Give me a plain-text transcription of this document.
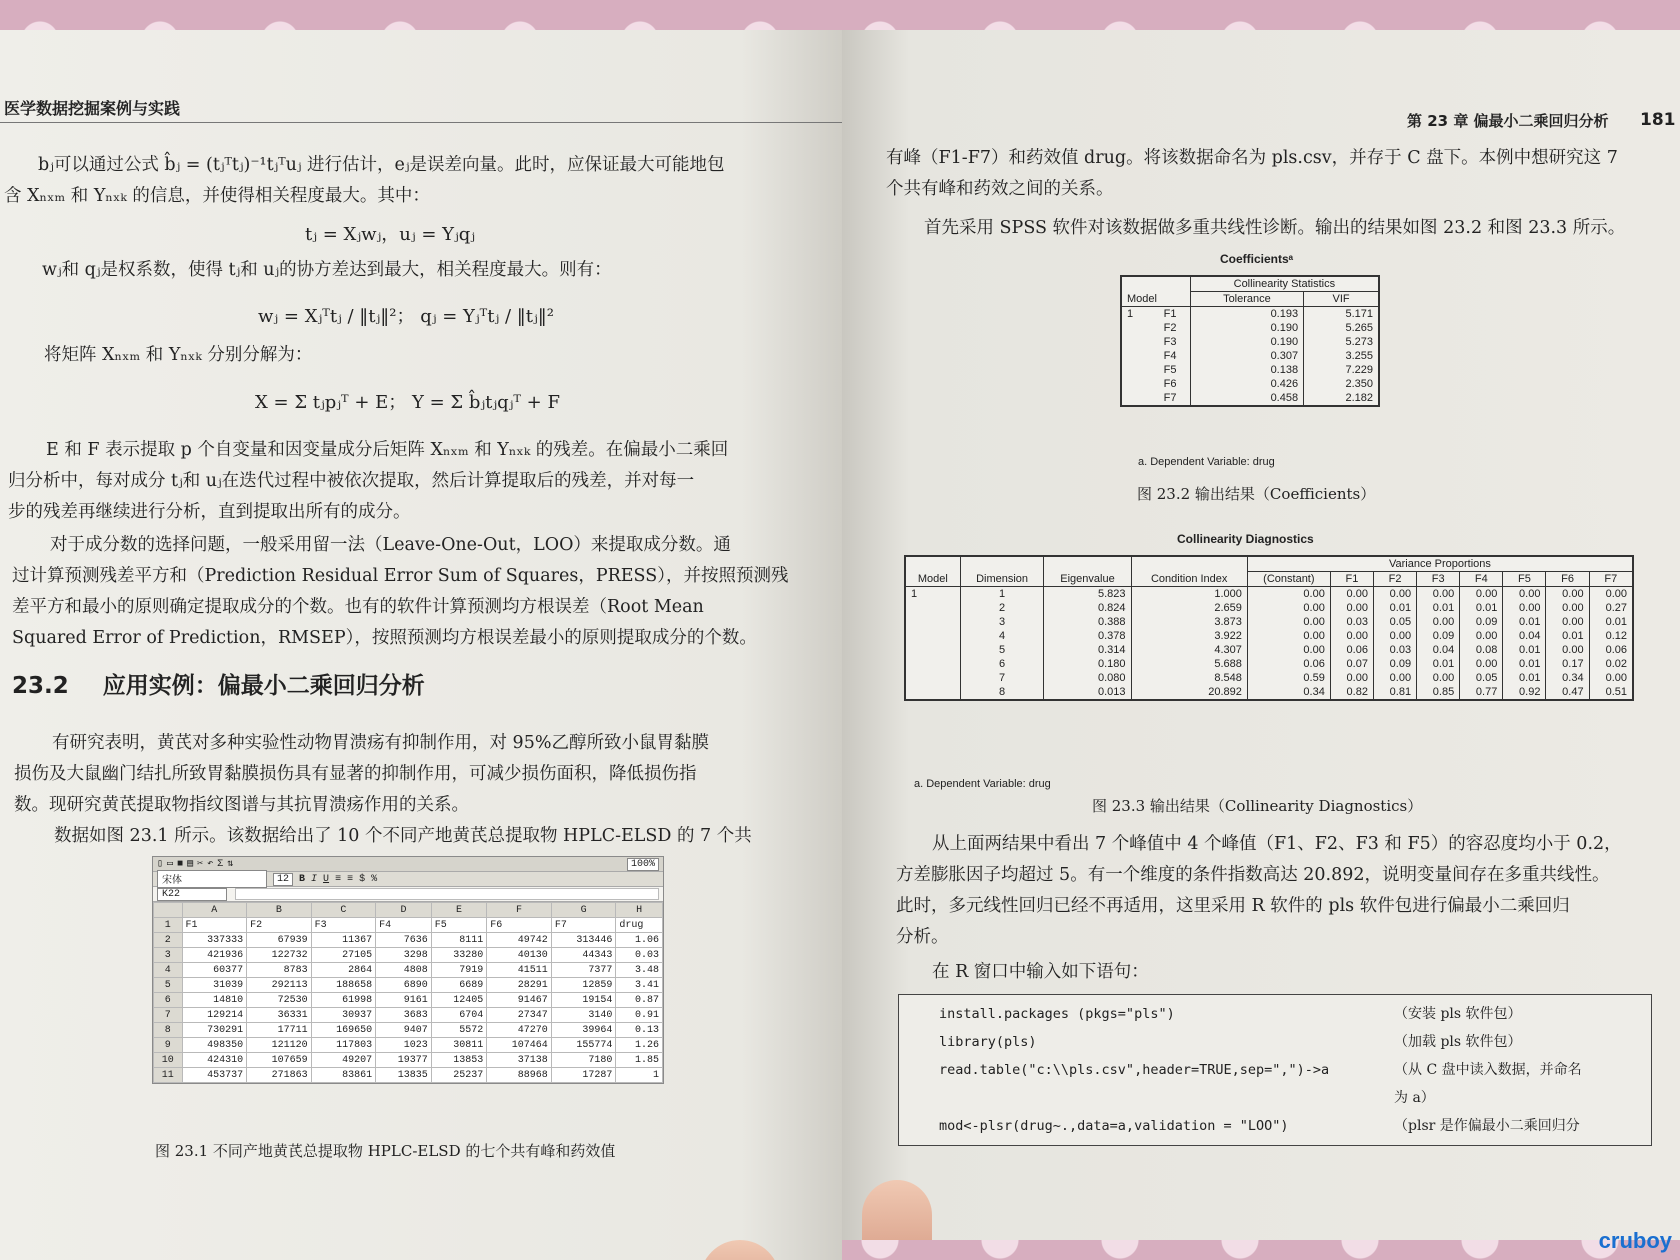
医学数据挖掘案例与实践
bⱼ可以通过公式 b̂ⱼ = (tⱼᵀtⱼ)⁻¹tⱼᵀuⱼ 进行估计，eⱼ是误差向量。此时，应保证最大可能地包
含 Xₙₓₘ 和 Yₙₓₖ 的信息，并使得相关程度最大。其中：
tⱼ = Xⱼwⱼ，uⱼ = Yⱼqⱼ
wⱼ和 qⱼ是权系数，使得 tⱼ和 uⱼ的协方差达到最大，相关程度最大。则有：
wⱼ = Xⱼᵀtⱼ / ‖tⱼ‖²； qⱼ = Yⱼᵀtⱼ / ‖tⱼ‖²
将矩阵 Xₙₓₘ 和 Yₙₓₖ 分别分解为：
X = Σ tⱼpⱼᵀ + E； Y = Σ b̂ⱼtⱼqⱼᵀ + F
E 和 F 表示提取 p 个自变量和因变量成分后矩阵 Xₙₓₘ 和 Yₙₓₖ 的残差。在偏最小二乘回
归分析中，每对成分 tⱼ和 uⱼ在迭代过程中被依次提取，然后计算提取后的残差，并对每一
步的残差再继续进行分析，直到提取出所有的成分。
对于成分数的选择问题，一般采用留一法（Leave-One-Out，LOO）来提取成分数。通
过计算预测残差平方和（Prediction Residual Error Sum of Squares，PRESS），并按照预测残
差平方和最小的原则确定提取成分的个数。也有的软件计算预测均方根误差（Root Mean
Squared Error of Prediction，RMSEP），按照预测均方根误差最小的原则提取成分的个数。
23.2 应用实例：偏最小二乘回归分析
有研究表明，黄芪对多种实验性动物胃溃疡有抑制作用，对 95%乙醇所致小鼠胃黏膜
损伤及大鼠幽门结扎所致胃黏膜损伤具有显著的抑制作用，可减少损伤面积，降低损伤指
数。现研究黄芪提取物指纹图谱与其抗胃溃疡作用的关系。
数据如图 23.1 所示。该数据给出了 10 个不同产地黄芪总提取物 HPLC-ELSD 的 7 个共
▯ ▭ ■ ▤ ✂ ↶ Σ ⇅	100%
宋体	12	B I U ≡ ≡ $ %
K22
	A	B	C	D	E	F	G	H
1	F1	F2	F3	F4	F5	F6	F7	drug
2	337333	67939	11367	7636	8111	49742	313446	1.06
3	421936	122732	27105	3298	33280	40130	44343	0.03
4	60377	8783	2864	4808	7919	41511	7377	3.48
5	31039	292113	188658	6890	6689	28291	12859	3.41
6	14810	72530	61998	9161	12405	91467	19154	0.87
7	129214	36331	30937	3683	6704	27347	3140	0.91
8	730291	17711	169650	9407	5572	47270	39964	0.13
9	498350	121120	117803	1023	30811	107464	155774	1.26
10	424310	107659	49207	19377	13853	37138	7180	1.85
11	453737	271863	83861	13835	25237	88968	17287	1
图 23.1 不同产地黄芪总提取物 HPLC-ELSD 的七个共有峰和药效值
第 23 章 偏最小二乘回归分析 181
有峰（F1-F7）和药效值 drug。将该数据命名为 pls.csv，并存于 C 盘下。本例中想研究这 7
个共有峰和药效之间的关系。
首先采用 SPSS 软件对该数据做多重共线性诊断。输出的结果如图 23.2 和图 23.3 所示。
Coefficientsᵃ
Model		Collinearity Statistics	
		Tolerance	VIF
1	F1	0.193	5.171
	F2	0.190	5.265
	F3	0.190	5.273
	F4	0.307	3.255
	F5	0.138	7.229
	F6	0.426	2.350
	F7	0.458	2.182
a. Dependent Variable: drug
图 23.2 输出结果（Coefficients）
Collinearity Diagnostics
Model	Dimension	Eigenvalue	Condition Index	Variance Proportions							
				(Constant)	F1	F2	F3	F4	F5	F6	F7
1	1	5.823	1.000	0.00	0.00	0.00	0.00	0.00	0.00	0.00	0.00
	2	0.824	2.659	0.00	0.00	0.01	0.01	0.01	0.00	0.00	0.27
	3	0.388	3.873	0.00	0.03	0.05	0.00	0.09	0.01	0.00	0.01
	4	0.378	3.922	0.00	0.00	0.00	0.09	0.00	0.04	0.01	0.12
	5	0.314	4.307	0.00	0.06	0.03	0.04	0.08	0.01	0.00	0.06
	6	0.180	5.688	0.06	0.07	0.09	0.01	0.00	0.01	0.17	0.02
	7	0.080	8.548	0.59	0.00	0.00	0.00	0.05	0.01	0.34	0.00
	8	0.013	20.892	0.34	0.82	0.81	0.85	0.77	0.92	0.47	0.51
a. Dependent Variable: drug
图 23.3 输出结果（Collinearity Diagnostics）
从上面两结果中看出 7 个峰值中 4 个峰值（F1、F2、F3 和 F5）的容忍度均小于 0.2，
方差膨胀因子均超过 5。有一个维度的条件指数高达 20.892，说明变量间存在多重共线性。
此时，多元线性回归已经不再适用，这里采用 R 软件的 pls 软件包进行偏最小二乘回归
分析。
在 R 窗口中输入如下语句：
install.packages (pkgs="pls")	（安装 pls 软件包）
library(pls)	（加载 pls 软件包）
read.table("c:\\pls.csv",header=TRUE,sep=",")->a	（从 C 盘中读入数据，并命名
为 a）
mod<-plsr(drug~.,data=a,validation = "LOO")	（plsr 是作偏最小二乘回归分
cruboy
